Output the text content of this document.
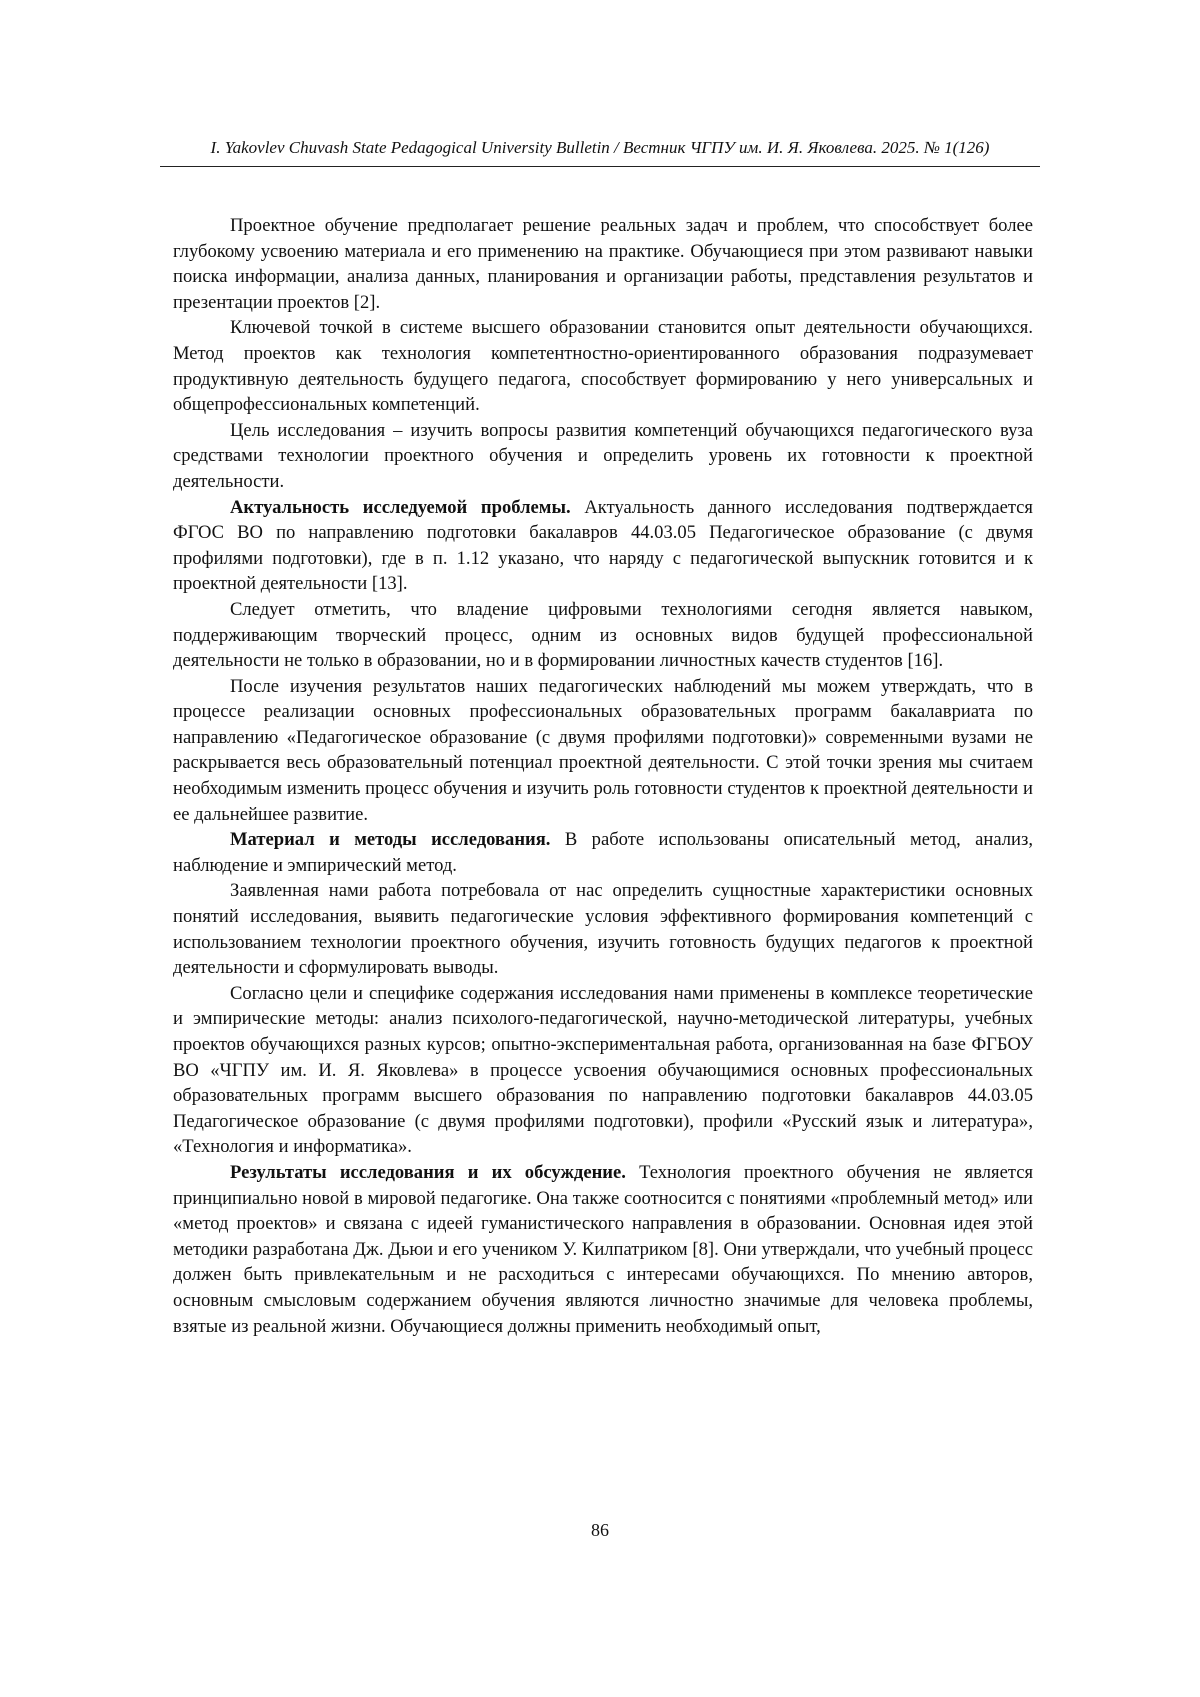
I. Yakovlev Chuvash State Pedagogical University Bulletin / Вестник ЧГПУ им. И. Я. Яковлева. 2025. № 1(126)

Проектное обучение предполагает решение реальных задач и проблем, что способствует более глубокому усвоению материала и его применению на практике. Обучающиеся при этом развивают навыки поиска информации, анализа данных, планирования и организации работы, представления результатов и презентации проектов [2].

Ключевой точкой в системе высшего образовании становится опыт деятельности обучающихся. Метод проектов как технология компетентностно-ориентированного образования подразумевает продуктивную деятельность будущего педагога, способствует формированию у него универсальных и общепрофессиональных компетенций.

Цель исследования – изучить вопросы развития компетенций обучающихся педагогического вуза средствами технологии проектного обучения и определить уровень их готовности к проектной деятельности.

Актуальность исследуемой проблемы. Актуальность данного исследования подтверждается ФГОС ВО по направлению подготовки бакалавров 44.03.05 Педагогическое образование (с двумя профилями подготовки), где в п. 1.12 указано, что наряду с педагогической выпускник готовится и к проектной деятельности [13].

Следует отметить, что владение цифровыми технологиями сегодня является навыком, поддерживающим творческий процесс, одним из основных видов будущей профессиональной деятельности не только в образовании, но и в формировании личностных качеств студентов [16].

После изучения результатов наших педагогических наблюдений мы можем утверждать, что в процессе реализации основных профессиональных образовательных программ бакалавриата по направлению «Педагогическое образование (с двумя профилями подготовки)» современными вузами не раскрывается весь образовательный потенциал проектной деятельности. С этой точки зрения мы считаем необходимым изменить процесс обучения и изучить роль готовности студентов к проектной деятельности и ее дальнейшее развитие.

Материал и методы исследования. В работе использованы описательный метод, анализ, наблюдение и эмпирический метод.

Заявленная нами работа потребовала от нас определить сущностные характеристики основных понятий исследования, выявить педагогические условия эффективного формирования компетенций с использованием технологии проектного обучения, изучить готовность будущих педагогов к проектной деятельности и сформулировать выводы.

Согласно цели и специфике содержания исследования нами применены в комплексе теоретические и эмпирические методы: анализ психолого-педагогической, научно-методической литературы, учебных проектов обучающихся разных курсов; опытно-экспериментальная работа, организованная на базе ФГБОУ ВО «ЧГПУ им. И. Я. Яковлева» в процессе усвоения обучающимися основных профессиональных образовательных программ высшего образования по направлению подготовки бакалавров 44.03.05 Педагогическое образование (с двумя профилями подготовки), профили «Русский язык и литература», «Технология и информатика».

Результаты исследования и их обсуждение. Технология проектного обучения не является принципиально новой в мировой педагогике. Она также соотносится с понятиями «проблемный метод» или «метод проектов» и связана с идеей гуманистического направления в образовании. Основная идея этой методики разработана Дж. Дьюи и его учеником У. Килпатриком [8]. Они утверждали, что учебный процесс должен быть привлекательным и не расходиться с интересами обучающихся. По мнению авторов, основным смысловым содержанием обучения являются личностно значимые для человека проблемы, взятые из реальной жизни. Обучающиеся должны применить необходимый опыт,

86
